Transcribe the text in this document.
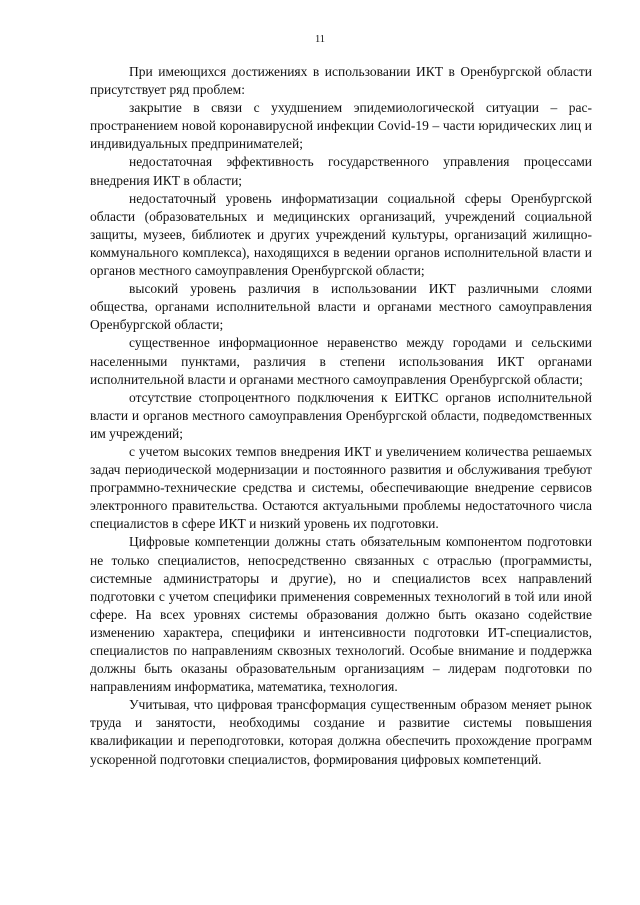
11

При имеющихся достижениях в использовании ИКТ в Оренбургской области присутствует ряд проблем:

закрытие в связи с ухудшением эпидемиологической ситуации – распространением новой коронавирусной инфекции Covid-19 – части юридических лиц и индивидуальных предпринимателей;

недостаточная эффективность государственного управления процессами внедрения ИКТ в области;

недостаточный уровень информатизации социальной сферы Оренбургской области (образовательных и медицинских организаций, учреждений социальной защиты, музеев, библиотек и других учреждений культуры, организаций жилищно-коммунального комплекса), находящихся в ведении органов исполнительной власти и органов местного самоуправления Оренбургской области;

высокий уровень различия в использовании ИКТ различными слоями общества, органами исполнительной власти и органами местного самоуправления Оренбургской области;

существенное информационное неравенство между городами и сельскими населенными пунктами, различия в степени использования ИКТ органами исполнительной власти и органами местного самоуправления Оренбургской области;

отсутствие стопроцентного подключения к ЕИТКС органов исполнительной власти и органов местного самоуправления Оренбургской области, подведомственных им учреждений;

с учетом высоких темпов внедрения ИКТ и увеличением количества решаемых задач периодической модернизации и постоянного развития и обслуживания требуют программно-технические средства и системы, обеспечивающие внедрение сервисов электронного правительства. Остаются актуальными проблемы недостаточного числа специалистов в сфере ИКТ и низкий уровень их подготовки.

Цифровые компетенции должны стать обязательным компонентом подготовки не только специалистов, непосредственно связанных с отраслью (программисты, системные администраторы и другие), но и специалистов всех направлений подготовки с учетом специфики применения современных технологий в той или иной сфере. На всех уровнях системы образования должно быть оказано содействие изменению характера, специфики и интенсивности подготовки ИТ-специалистов, специалистов по направлениям сквозных технологий. Особые внимание и поддержка должны быть оказаны образовательным организациям – лидерам подготовки по направлениям информатика, математика, технология.

Учитывая, что цифровая трансформация существенным образом меняет рынок труда и занятости, необходимы создание и развитие системы повышения квалификации и переподготовки, которая должна обеспечить прохождение программ ускоренной подготовки специалистов, формирования цифровых компетенций.
